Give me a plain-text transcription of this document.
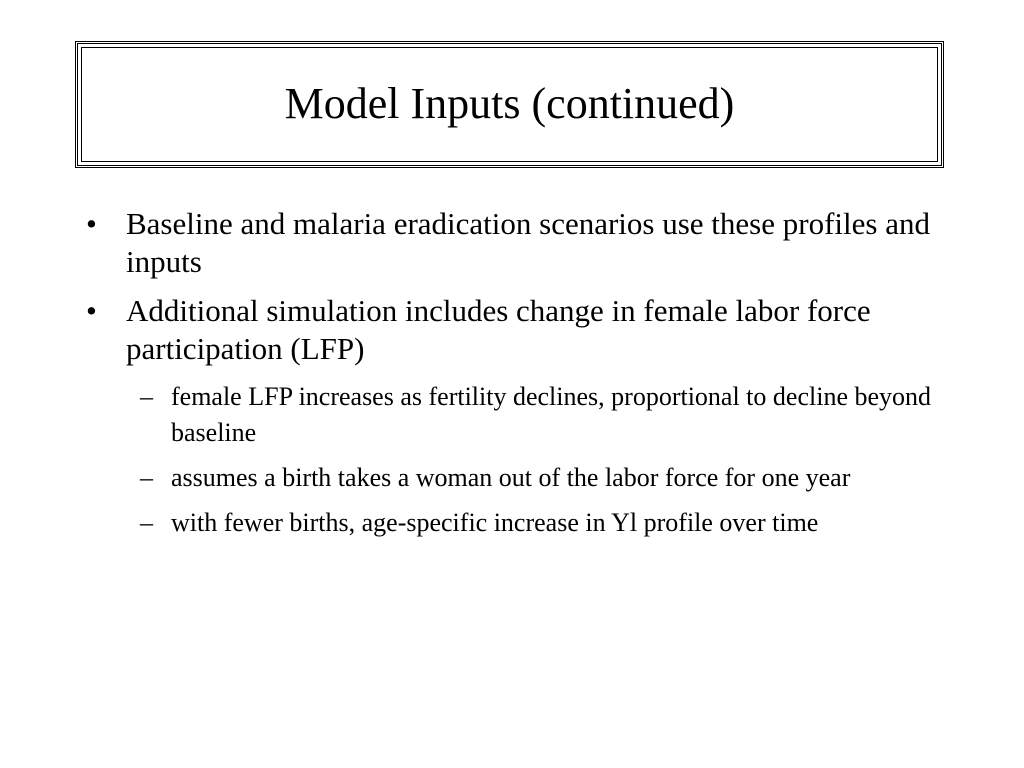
Model Inputs (continued)
• Baseline and malaria eradication scenarios use these profiles and inputs
• Additional simulation includes change in female labor force participation (LFP)
– female LFP increases as fertility declines, proportional to decline beyond baseline
– assumes a birth takes a woman out of the labor force for one year
– with fewer births, age-specific increase in Yl profile over time
